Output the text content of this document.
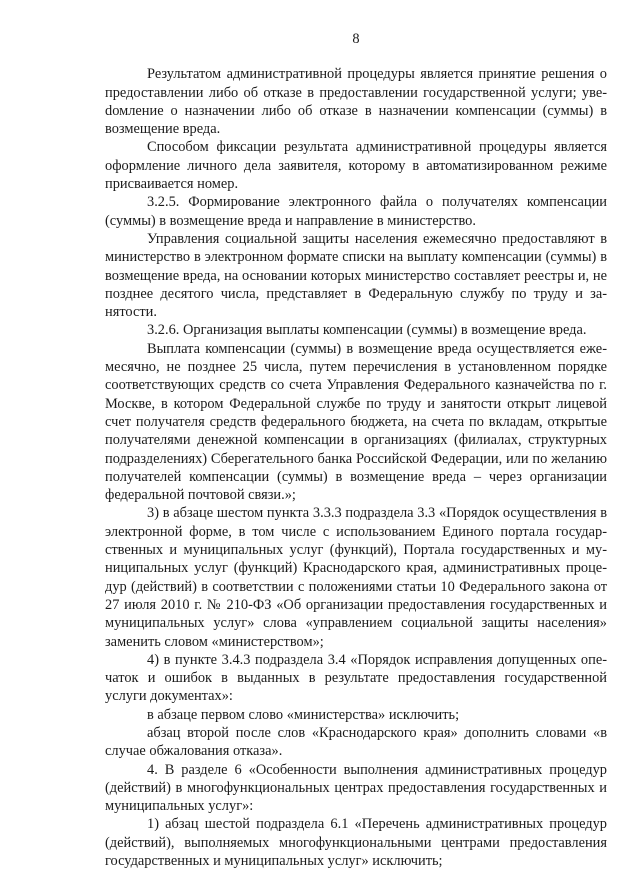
8

Результатом административной процедуры является принятие решения о предоставлении либо об отказе в предоставлении государственной услуги; увеdомление о назначении либо об отказе в назначении компенсации (суммы) в возмещение вреда.

Способом фиксации результата административной процедуры является оформление личного дела заявителя, которому в автоматизированном режиме присваивается номер.

3.2.5. Формирование электронного файла о получателях компенсации (суммы) в возмещение вреда и направление в министерство.

Управления социальной защиты населения ежемесячно предоставляют в министерство в электронном формате списки на выплату компенсации (суммы) в возмещение вреда, на основании которых министерство составляет реестры и, не позднее десятого числа, представляет в Федеральную службу по труду и занятости.

3.2.6. Организация выплаты компенсации (суммы) в возмещение вреда.

Выплата компенсации (суммы) в возмещение вреда осуществляется ежемесячно, не позднее 25 числа, путем перечисления в установленном порядке соответствующих средств со счета Управления Федерального казначейства по г. Москве, в котором Федеральной службе по труду и занятости открыт лицевой счет получателя средств федерального бюджета, на счета по вкладам, открытые получателями денежной компенсации в организациях (филиалах, структурных подразделениях) Сберегательного банка Российской Федерации, или по желанию получателей компенсации (суммы) в возмещение вреда – через организации федеральной почтовой связи.»;

3) в абзаце шестом пункта 3.3.3 подраздела 3.3 «Порядок осуществления в электронной форме, в том числе с использованием Единого портала государственных и муниципальных услуг (функций), Портала государственных и муниципальных услуг (функций) Краснодарского края, административных процедур (действий) в соответствии с положениями статьи 10 Федерального закона от 27 июля 2010 г. № 210-ФЗ «Об организации предоставления государственных и муниципальных услуг» слова «управлением социальной защиты населения» заменить словом «министерством»;

4) в пункте 3.4.3 подраздела 3.4 «Порядок исправления допущенных опечаток и ошибок в выданных в результате предоставления государственной услуги документах»:

в абзаце первом слово «министерства» исключить;

абзац второй после слов «Краснодарского края» дополнить словами «в случае обжалования отказа».

4. В разделе 6 «Особенности выполнения административных процедур (действий) в многофункциональных центрах предоставления государственных и муниципальных услуг»:

1) абзац шестой подраздела 6.1 «Перечень административных процедур (действий), выполняемых многофункциональными центрами предоставления государственных и муниципальных услуг» исключить;
